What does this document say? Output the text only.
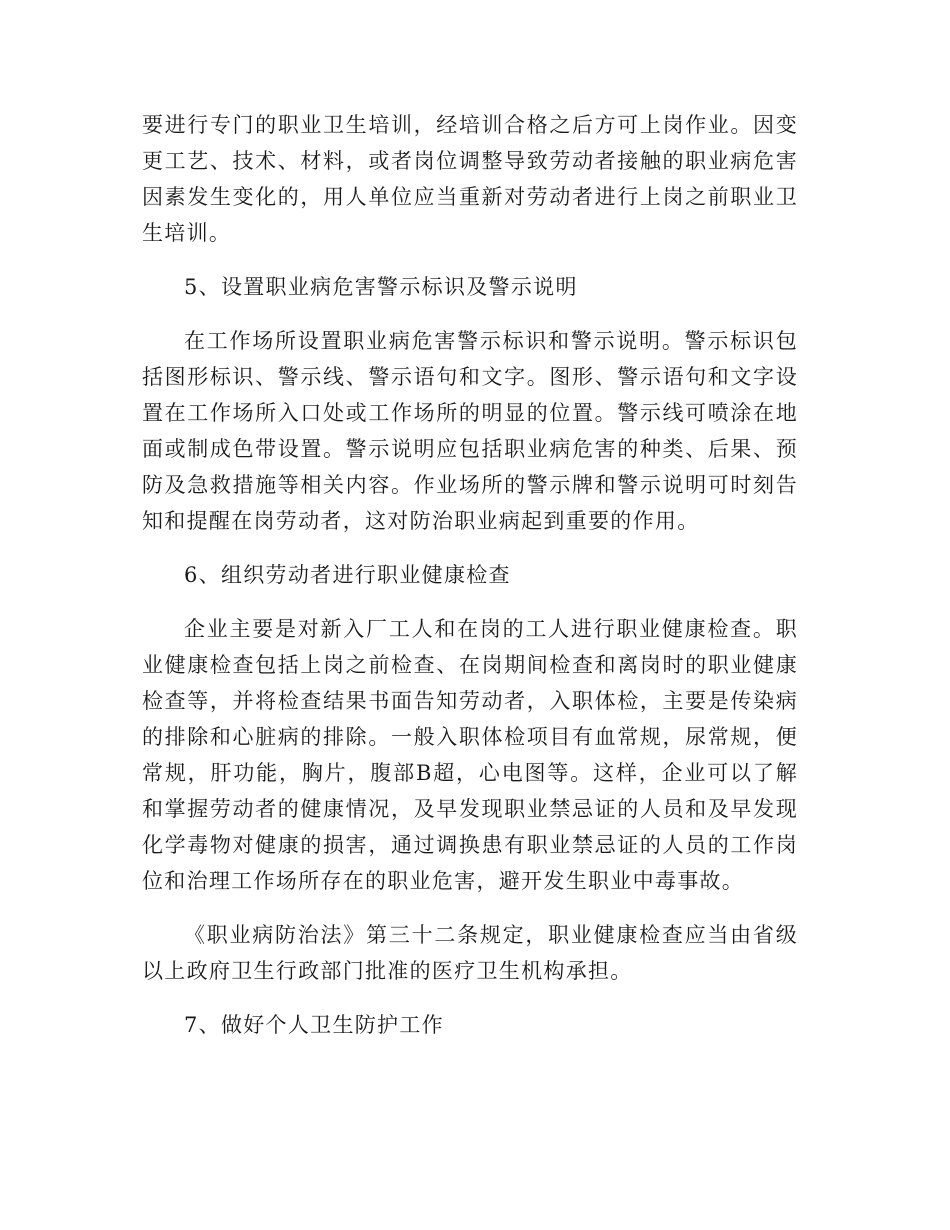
要进行专门的职业卫生培训，经培训合格之后方可上岗作业。因变更工艺、技术、材料，或者岗位调整导致劳动者接触的职业病危害因素发生变化的，用人单位应当重新对劳动者进行上岗之前职业卫生培训。

5、设置职业病危害警示标识及警示说明

在工作场所设置职业病危害警示标识和警示说明。警示标识包括图形标识、警示线、警示语句和文字。图形、警示语句和文字设置在工作场所入口处或工作场所的明显的位置。警示线可喷涂在地面或制成色带设置。警示说明应包括职业病危害的种类、后果、预防及急救措施等相关内容。作业场所的警示牌和警示说明可时刻告知和提醒在岗劳动者，这对防治职业病起到重要的作用。

6、组织劳动者进行职业健康检查

企业主要是对新入厂工人和在岗的工人进行职业健康检查。职业健康检查包括上岗之前检查、在岗期间检查和离岗时的职业健康检查等，并将检查结果书面告知劳动者，入职体检，主要是传染病的排除和心脏病的排除。一般入职体检项目有血常规，尿常规，便常规，肝功能，胸片，腹部B超，心电图等。这样，企业可以了解和掌握劳动者的健康情况，及早发现职业禁忌证的人员和及早发现化学毒物对健康的损害，通过调换患有职业禁忌证的人员的工作岗位和治理工作场所存在的职业危害，避开发生职业中毒事故。

《职业病防治法》第三十二条规定，职业健康检查应当由省级以上政府卫生行政部门批准的医疗卫生机构承担。

7、做好个人卫生防护工作
